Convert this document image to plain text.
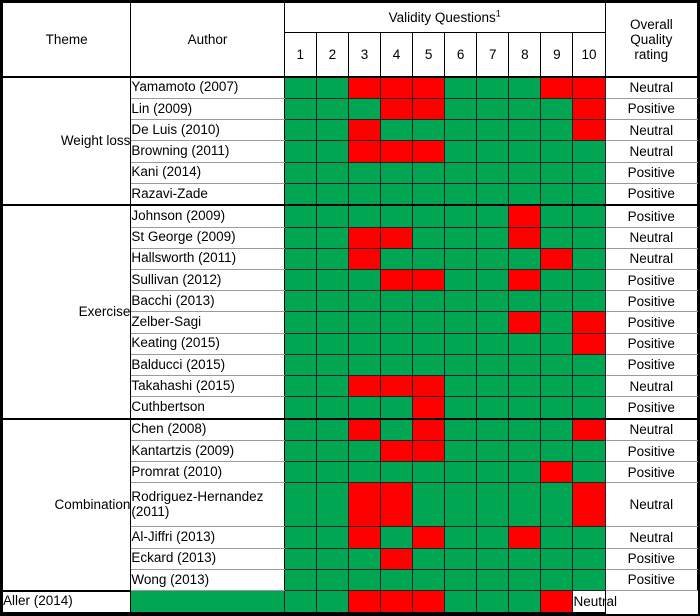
Theme	Author	Validity Questions$^1$										Overall
Quality
rating

		1	2	3	4	5	6	7	8	9	10	
Weight loss	Yamamoto (2007)											Neutral
	Lin (2009)											Positive
	De Luis (2010)											Neutral
	Browning (2011)											Neutral
	Kani (2014)											Positive
	Razavi-Zade											Positive
Exercise	Johnson (2009)											Positive
	St George (2009)											Neutral
	Hallsworth (2011)											Neutral
	Sullivan (2012)											Positive
	Bacchi (2013)											Positive
	Zelber-Sagi											Positive
	Keating (2015)											Positive
	Balducci (2015)											Positive
	Takahashi (2015)											Neutral
	Cuthbertson											Positive
Combination	Chen (2008)											Neutral
	Kantartzis (2009)											Positive
	Promrat (2010)											Positive
	Rodriguez-Hernandez (2011)											Neutral
	Al-Jiffri (2013)											Neutral
	Eckard (2013)											Positive
	Wong (2013)											Positive
Aller (2014)											Neutral	
